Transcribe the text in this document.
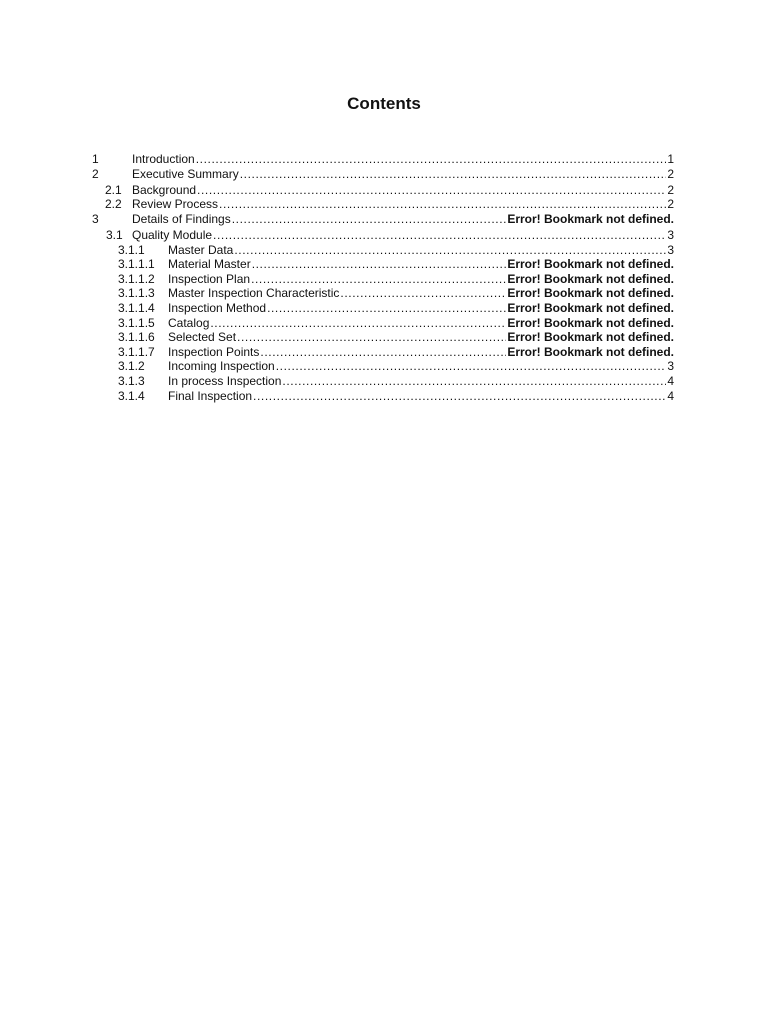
Contents
1	Introduction .....	1
2	Executive Summary .....	2
2.1 Background .....	2
2.2 Review Process .....	2
3	Details of Findings .....	Error! Bookmark not defined.
3.1 Quality Module .....	3
3.1.1 Master Data .....	3
3.1.1.1 Material Master .....	Error! Bookmark not defined.
3.1.1.2 Inspection Plan .....	Error! Bookmark not defined.
3.1.1.3 Master Inspection Characteristic .....	Error! Bookmark not defined.
3.1.1.4 Inspection Method .....	Error! Bookmark not defined.
3.1.1.5 Catalog .....	Error! Bookmark not defined.
3.1.1.6 Selected Set .....	Error! Bookmark not defined.
3.1.1.7 Inspection Points .....	Error! Bookmark not defined.
3.1.2 Incoming Inspection .....	3
3.1.3 In process Inspection .....	4
3.1.4 Final Inspection .....	4
